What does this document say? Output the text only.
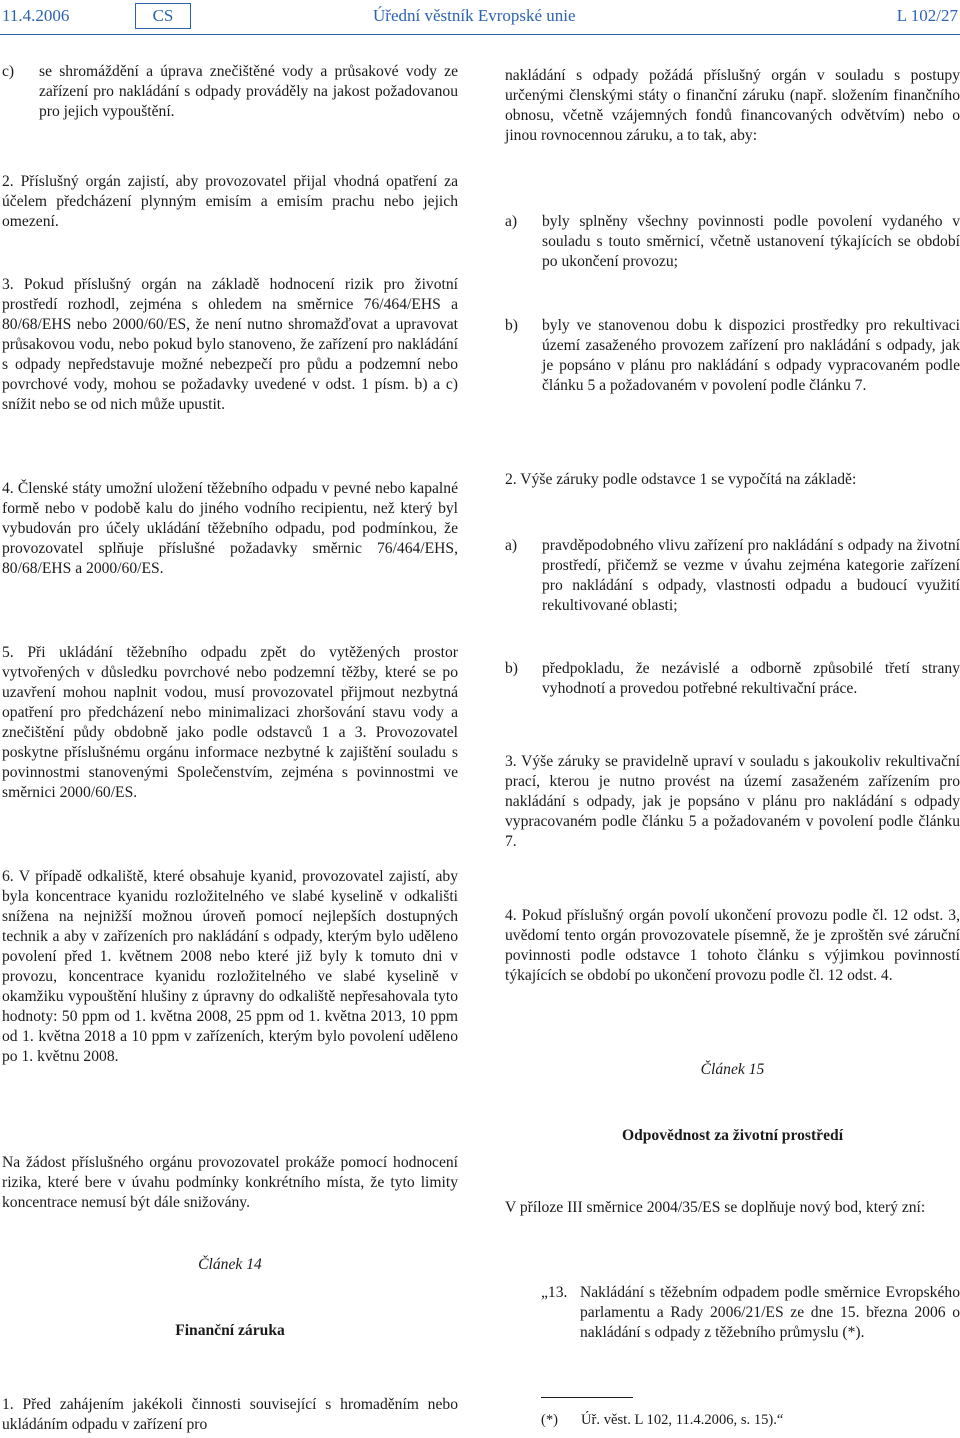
11.4.2006	CS	Úřední věstník Evropské unie	L 102/27
c) se shromáždění a úprava znečištěné vody a průsakové vody ze zařízení pro nakládání s odpady prováděly na jakost požadovanou pro jejich vypouštění.
2. Příslušný orgán zajistí, aby provozovatel přijal vhodná opatření za účelem předcházení plynným emisím a emisím prachu nebo jejich omezení.
3. Pokud příslušný orgán na základě hodnocení rizik pro životní prostředí rozhodl, zejména s ohledem na směrnice 76/464/EHS a 80/68/EHS nebo 2000/60/ES, že není nutno shromažďovat a upravovat průsakovou vodu, nebo pokud bylo stanoveno, že zařízení pro nakládání s odpady nepředstavuje možné nebezpečí pro půdu a podzemní nebo povrchové vody, mohou se požadavky uvedené v odst. 1 písm. b) a c) snížit nebo se od nich může upustit.
4. Členské státy umožní uložení těžebního odpadu v pevné nebo kapalné formě nebo v podobě kalu do jiného vodního recipientu, než který byl vybudován pro účely ukládání těžebního odpadu, pod podmínkou, že provozovatel splňuje příslušné požadavky směrnic 76/464/EHS, 80/68/EHS a 2000/60/ES.
5. Při ukládání těžebního odpadu zpět do vytěžených prostor vytvořených v důsledku povrchové nebo podzemní těžby, které se po uzavření mohou naplnit vodou, musí provozovatel přijmout nezbytná opatření pro předcházení nebo minimalizaci zhoršování stavu vody a znečištění půdy obdobně jako podle odstavců 1 a 3. Provozovatel poskytne příslušnému orgánu informace nezbytné k zajištění souladu s povinnostmi stanovenými Společenstvím, zejména s povinnostmi ve směrnici 2000/60/ES.
6. V případě odkaliště, které obsahuje kyanid, provozovatel zajistí, aby byla koncentrace kyanidu rozložitelného ve slabé kyselině v odkališti snížena na nejnižší možnou úroveň pomocí nejlepších dostupných technik a aby v zařízeních pro nakládání s odpady, kterým bylo uděleno povolení před 1. květnem 2008 nebo které již byly k tomuto dni v provozu, koncentrace kyanidu rozložitelného ve slabé kyselině v okamžiku vypouštění hlušiny z úpravny do odkaliště nepřesahovala tyto hodnoty: 50 ppm od 1. května 2008, 25 ppm od 1. května 2013, 10 ppm od 1. května 2018 a 10 ppm v zařízeních, kterým bylo povolení uděleno po 1. květnu 2008.
Na žádost příslušného orgánu provozovatel prokáže pomocí hodnocení rizika, které bere v úvahu podmínky konkrétního místa, že tyto limity koncentrace nemusí být dále snižovány.
Článek 14
Finanční záruka
1. Před zahájením jakékoli činnosti související s hromaděním nebo ukládáním odpadu v zařízení pro
nakládání s odpady požádá příslušný orgán v souladu s postupy určenými členskými státy o finanční záruku (např. složením finančního obnosu, včetně vzájemných fondů financovaných odvětvím) nebo o jinou rovnocennou záruku, a to tak, aby:
a) byly splněny všechny povinnosti podle povolení vydaného v souladu s touto směrnicí, včetně ustanovení týkajících se období po ukončení provozu;
b) byly ve stanovenou dobu k dispozici prostředky pro rekultivaci území zasaženého provozem zařízení pro nakládání s odpady, jak je popsáno v plánu pro nakládání s odpady vypracovaném podle článku 5 a požadovaném v povolení podle článku 7.
2. Výše záruky podle odstavce 1 se vypočítá na základě:
a) pravděpodobného vlivu zařízení pro nakládání s odpady na životní prostředí, přičemž se vezme v úvahu zejména kategorie zařízení pro nakládání s odpady, vlastnosti odpadu a budoucí využití rekultivované oblasti;
b) předpokladu, že nezávislé a odborně způsobilé třetí strany vyhodnotí a provedou potřebné rekultivační práce.
3. Výše záruky se pravidelně upraví v souladu s jakoukoliv rekultivační prací, kterou je nutno provést na území zasaženém zařízením pro nakládání s odpady, jak je popsáno v plánu pro nakládání s odpady vypracovaném podle článku 5 a požadovaném v povolení podle článku 7.
4. Pokud příslušný orgán povolí ukončení provozu podle čl. 12 odst. 3, uvědomí tento orgán provozovatele písemně, že je zproštěn své záruční povinnosti podle odstavce 1 tohoto článku s výjimkou povinností týkajících se období po ukončení provozu podle čl. 12 odst. 4.
Článek 15
Odpovědnost za životní prostředí
V příloze III směrnice 2004/35/ES se doplňuje nový bod, který zní:
„13. Nakládání s těžebním odpadem podle směrnice Evropského parlamentu a Rady 2006/21/ES ze dne 15. března 2006 o nakládání s odpady z těžebního průmyslu (*).
(*) Úř. věst. L 102, 11.4.2006, s. 15).“
